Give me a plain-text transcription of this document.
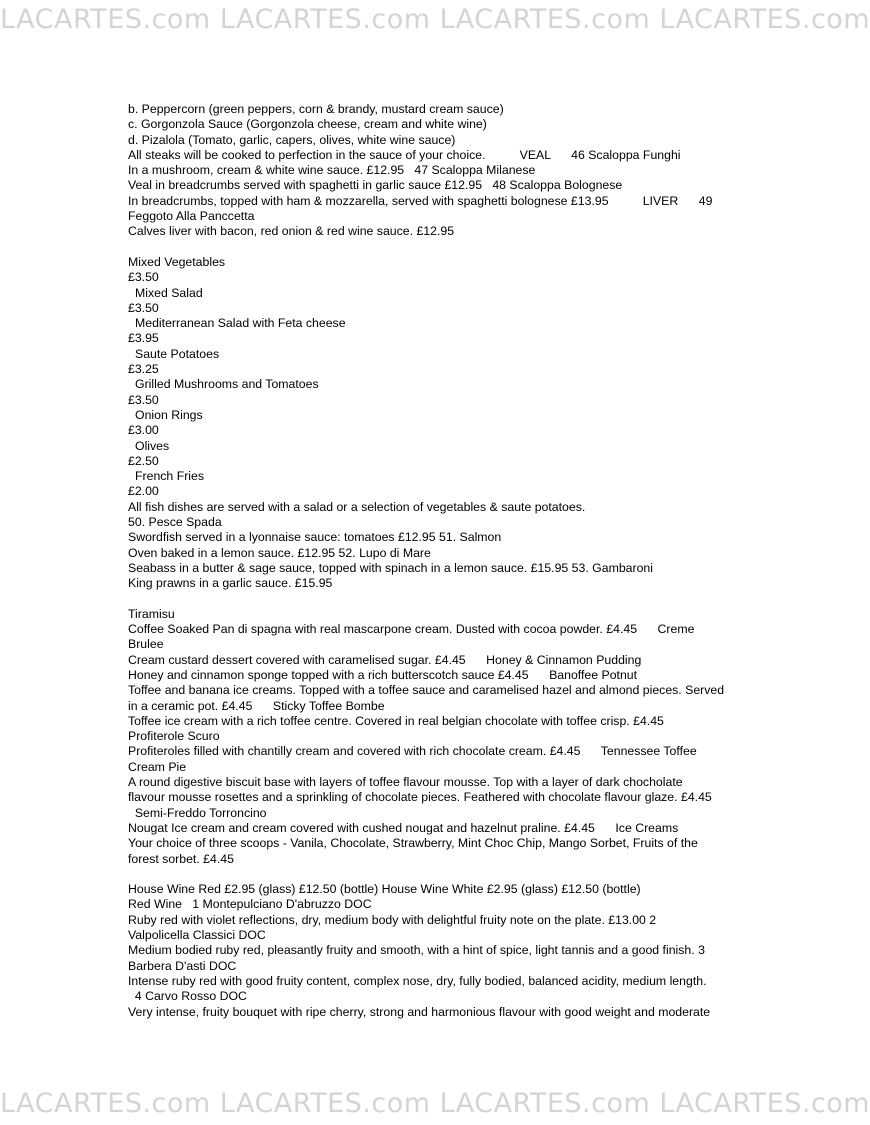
LACARTES.com LACARTES.com LACARTES.com LACARTES.com
b. Peppercorn (green peppers, corn & brandy, mustard cream sauce)
c. Gorgonzola Sauce (Gorgonzola cheese, cream and white wine)
d. Pizalola (Tomato, garlic, capers, olives, white wine sauce)
All steaks will be cooked to perfection in the sauce of your choice.          VEAL      46 Scaloppa Funghi
In a mushroom, cream & white wine sauce. £12.95   47 Scaloppa Milanese
Veal in breadcrumbs served with spaghetti in garlic sauce £12.95   48 Scaloppa Bolognese
In breadcrumbs, topped with ham & mozzarella, served with spaghetti bolognese £13.95          LIVER      49
Feggoto Alla Panccetta
Calves liver with bacon, red onion & red wine sauce. £12.95
Mixed Vegetables
£3.50
Mixed Salad
£3.50
Mediterranean Salad with Feta cheese
£3.95
Saute Potatoes
£3.25
Grilled Mushrooms and Tomatoes
£3.50
Onion Rings
£3.00
Olives
£2.50
French Fries
£2.00
All fish dishes are served with a salad or a selection of vegetables & saute potatoes.
50. Pesce Spada
Swordfish served in a lyonnaise sauce: tomatoes £12.95 51. Salmon
Oven baked in a lemon sauce. £12.95 52. Lupo di Mare
Seabass in a butter & sage sauce, topped with spinach in a lemon sauce. £15.95 53. Gambaroni
King prawns in a garlic sauce. £15.95
Tiramisu
Coffee Soaked Pan di spagna with real mascarpone cream. Dusted with cocoa powder. £4.45      Creme
Brulee
Cream custard dessert covered with caramelised sugar. £4.45      Honey & Cinnamon Pudding
Honey and cinnamon sponge topped with a rich butterscotch sauce £4.45      Banoffee Potnut
Toffee and banana ice creams. Topped with a toffee sauce and caramelised hazel and almond pieces. Served
in a ceramic pot. £4.45      Sticky Toffee Bombe
Toffee ice cream with a rich toffee centre. Covered in real belgian chocolate with toffee crisp. £4.45
Profiterole Scuro
Profiteroles filled with chantilly cream and covered with rich chocolate cream. £4.45      Tennessee Toffee
Cream Pie
A round digestive biscuit base with layers of toffee flavour mousse. Top with a layer of dark chocholate
flavour mousse rosettes and a sprinkling of chocolate pieces. Feathered with chocolate flavour glaze. £4.45
Semi-Freddo Torroncino
Nougat Ice cream and cream covered with cushed nougat and hazelnut praline. £4.45      Ice Creams
Your choice of three scoops - Vanila, Chocolate, Strawberry, Mint Choc Chip, Mango Sorbet, Fruits of the
forest sorbet. £4.45
House Wine Red £2.95 (glass) £12.50 (bottle) House Wine White £2.95 (glass) £12.50 (bottle)
Red Wine   1 Montepulciano D'abruzzo DOC
Ruby red with violet reflections, dry, medium body with delightful fruity note on the plate. £13.00 2
Valpolicella Classici DOC
Medium bodied ruby red, pleasantly fruity and smooth, with a hint of spice, light tannis and a good finish. 3
Barbera D'asti DOC
Intense ruby red with good fruity content, complex nose, dry, fully bodied, balanced acidity, medium length.
4 Carvo Rosso DOC
Very intense, fruity bouquet with ripe cherry, strong and harmonious flavour with good weight and moderate
LACARTES.com LACARTES.com LACARTES.com LACARTES.com
